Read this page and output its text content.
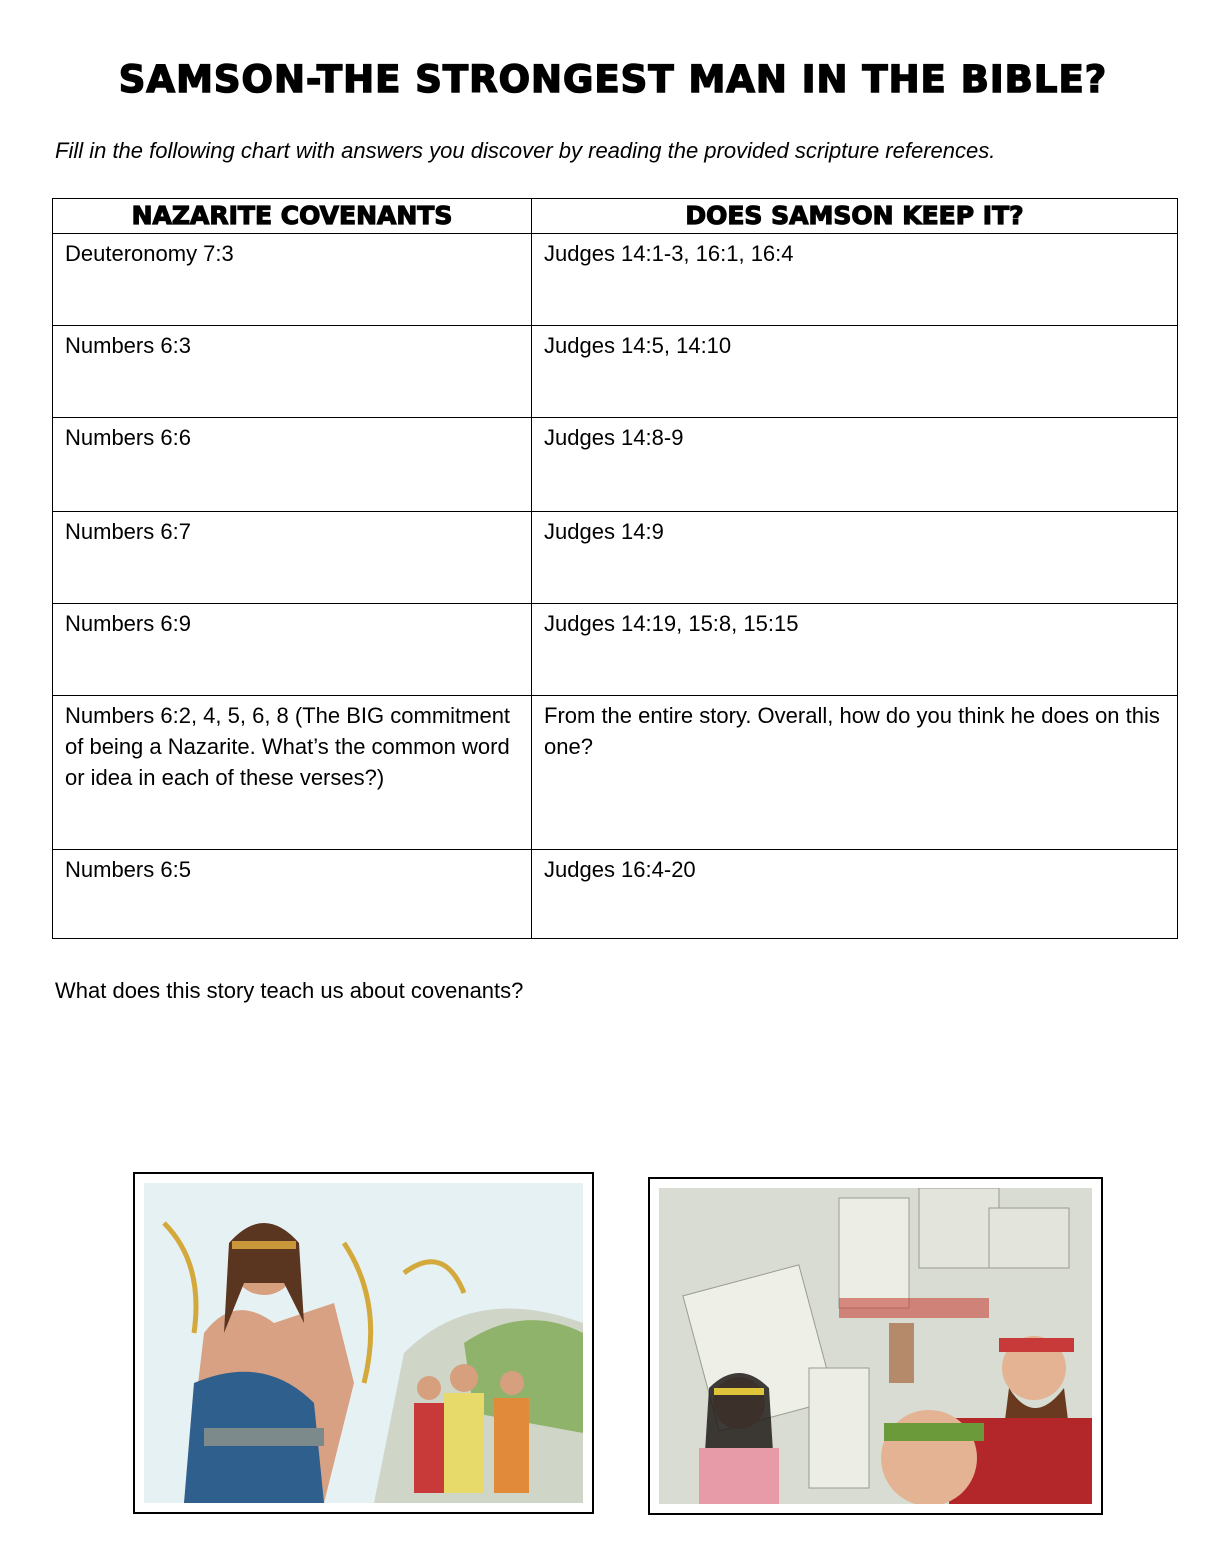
SAMSON-THE STRONGEST MAN IN THE BIBLE?
Fill in the following chart with answers you discover by reading the provided scripture references.
NAZARITE COVENANTS	DOES SAMSON KEEP IT?
Deuteronomy 7:3	Judges 14:1-3, 16:1, 16:4
Numbers 6:3	Judges 14:5, 14:10
Numbers 6:6	Judges 14:8-9
Numbers 6:7	Judges 14:9
Numbers 6:9	Judges 14:19, 15:8, 15:15
Numbers 6:2, 4, 5, 6, 8 (The BIG commitment of being a Nazarite. What’s the common word or idea in each of these verses?)	From the entire story. Overall, how do you think he does on this one?
Numbers 6:5	Judges 16:4-20
What does this story teach us about covenants?
